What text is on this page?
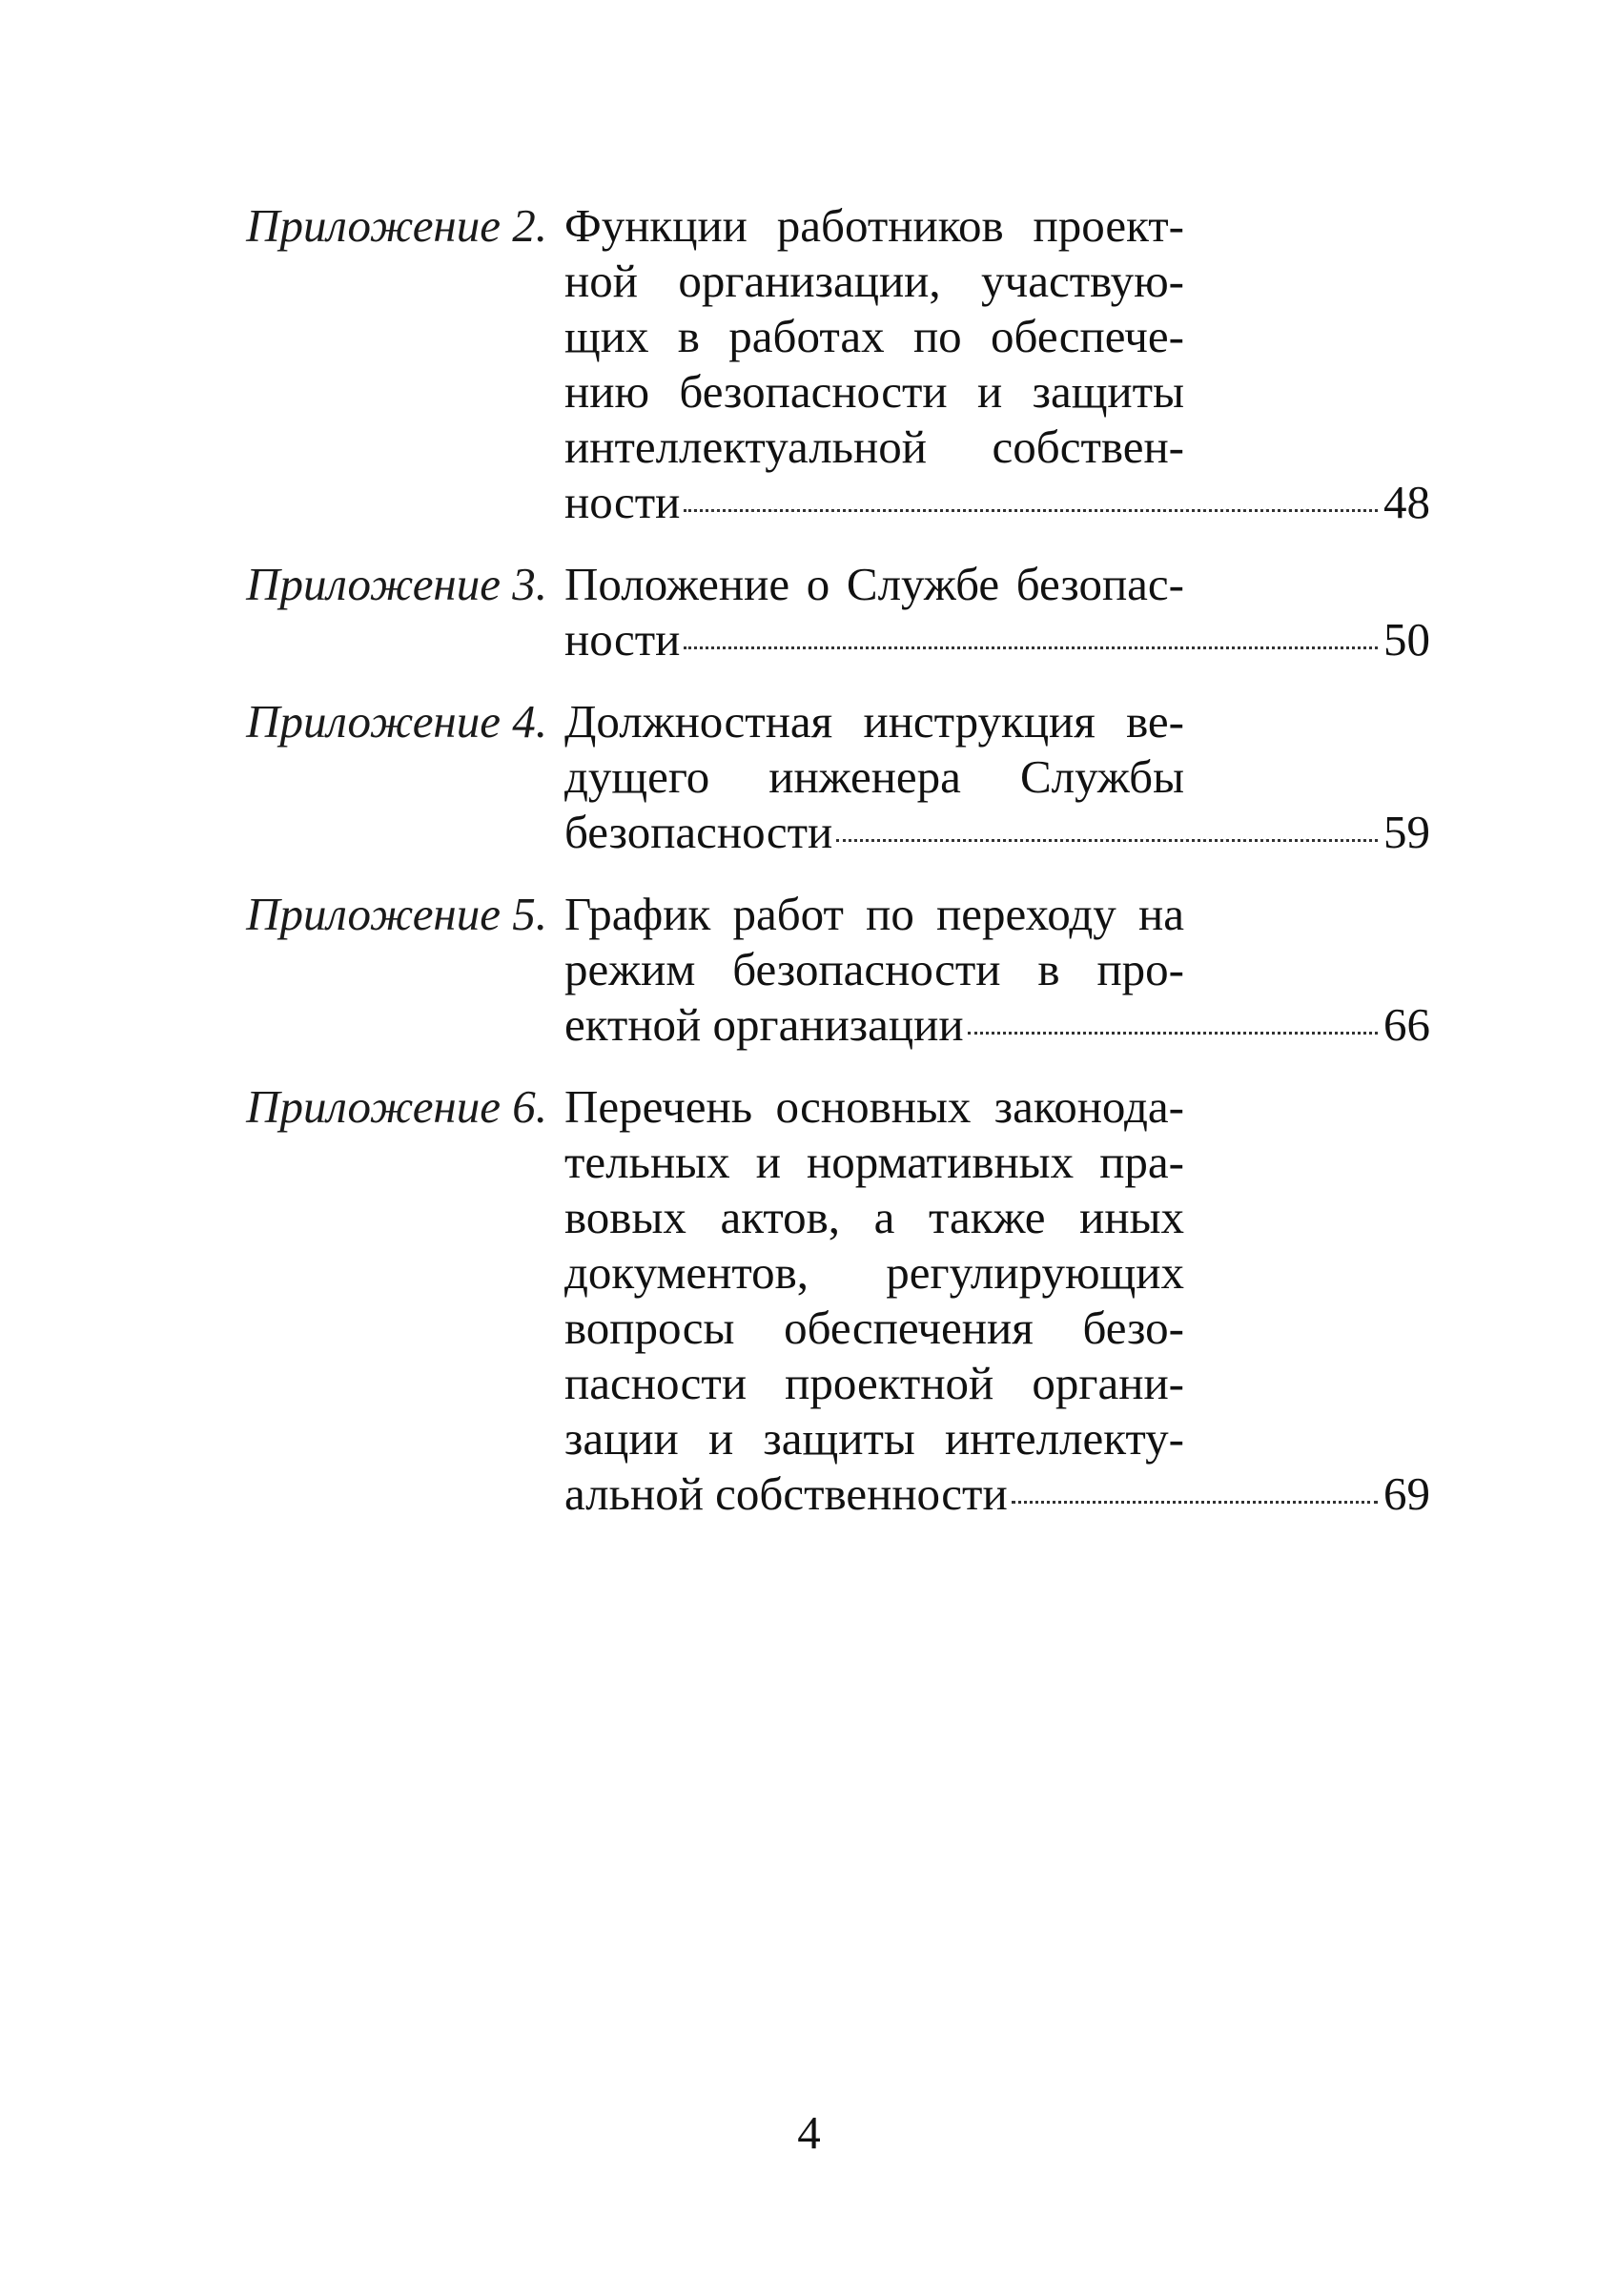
Приложение 2. Функции работников проект-
ной организации, участвую-
щих в работах по обеспече-
нию безопасности и защиты
интеллектуальной собствен-
ности	48
Приложение 3. Положение о Службе безопас-
ности	50
Приложение 4. Должностная инструкция ве-
дущего инженера Службы
безопасности	59
Приложение 5. График работ по переходу на
режим безопасности в про-
ектной организации	66
Приложение 6. Перечень основных законода-
тельных и нормативных пра-
вовых актов, а также иных
документов, регулирующих
вопросы обеспечения безо-
пасности проектной органи-
зации и защиты интеллекту-
альной собственности	69
4
